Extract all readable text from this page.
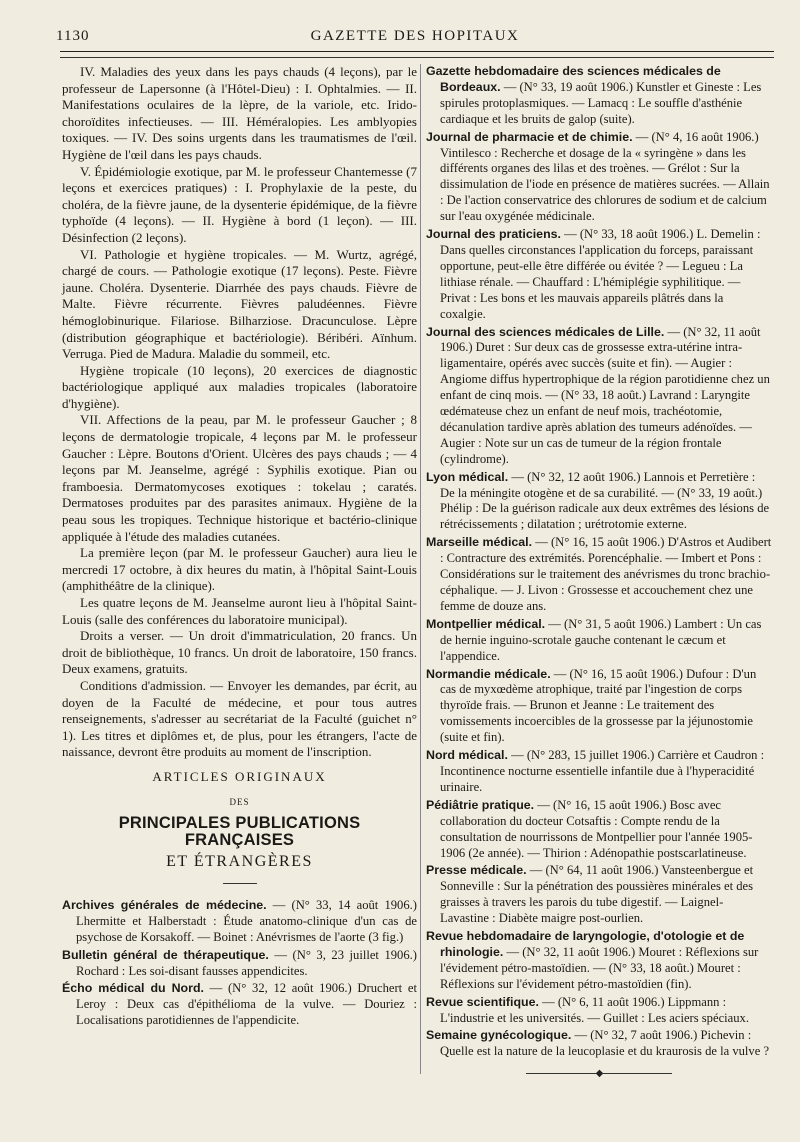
1130	GAZETTE DES HOPITAUX

IV. Maladies des yeux dans les pays chauds (4 leçons), par le professeur de Lapersonne (à l'Hôtel-Dieu) : I. Ophtalmies. — II. Manifestations oculaires de la lèpre, de la variole, etc. Irido-choroïdites infectieuses. — III. Héméralopies. Les amblyopies toxiques. — IV. Des soins urgents dans les traumatismes de l'œil. Hygiène de l'œil dans les pays chauds.

V. Épidémiologie exotique, par M. le professeur Chantemesse (7 leçons et exercices pratiques) : I. Prophylaxie de la peste, du choléra, de la fièvre jaune, de la dysenterie épidémique, de la fièvre typhoïde (4 leçons). — II. Hygiène à bord (1 leçon). — III. Désinfection (2 leçons).

VI. Pathologie et hygiène tropicales. — M. Wurtz, agrégé, chargé de cours. — Pathologie exotique (17 leçons). Peste. Fièvre jaune. Choléra. Dysenterie. Diarrhée des pays chauds. Fièvre de Malte. Fièvre récurrente. Fièvres paludéennes. Fièvre hémoglobinurique. Filariose. Bilharziose. Dracunculose. Lèpre (distribution géographique et bactériologie). Béribéri. Aïnhum. Verruga. Pied de Madura. Maladie du sommeil, etc.

Hygiène tropicale (10 leçons), 20 exercices de diagnostic bactériologique appliqué aux maladies tropicales (laboratoire d'hygiène).

VII. Affections de la peau, par M. le professeur Gaucher ; 8 leçons de dermatologie tropicale, 4 leçons par M. le professeur Gaucher : Lèpre. Boutons d'Orient. Ulcères des pays chauds ; — 4 leçons par M. Jeanselme, agrégé : Syphilis exotique. Pian ou framboesia. Dermatomycoses exotiques : tokelau ; caratés. Dermatoses produites par des parasites animaux. Hygiène de la peau sous les tropiques. Technique historique et bactério-clinique appliquée à l'étude des maladies cutanées.

La première leçon (par M. le professeur Gaucher) aura lieu le mercredi 17 octobre, à dix heures du matin, à l'hôpital Saint-Louis (amphithéâtre de la clinique).

Les quatre leçons de M. Jeanselme auront lieu à l'hôpital Saint-Louis (salle des conférences du laboratoire municipal).

Droits a verser. — Un droit d'immatriculation, 20 francs. Un droit de bibliothèque, 10 francs. Un droit de laboratoire, 150 francs. Deux examens, gratuits.

Conditions d'admission. — Envoyer les demandes, par écrit, au doyen de la Faculté de médecine, et pour tous autres renseignements, s'adresser au secrétariat de la Faculté (guichet n° 1). Les titres et diplômes et, de plus, pour les étrangers, l'acte de naissance, devront être produits au moment de l'inscription.

ARTICLES ORIGINAUX
DES
PRINCIPALES PUBLICATIONS FRANÇAISES
ET ÉTRANGÈRES

Archives générales de médecine. — (N° 33, 14 août 1906.) Lhermitte et Halberstadt : Étude anatomo-clinique d'un cas de psychose de Korsakoff. — Boinet : Anévrismes de l'aorte (3 fig.)

Bulletin général de thérapeutique. — (N° 3, 23 juillet 1906.) Rochard : Les soi-disant fausses appendicites.

Écho médical du Nord. — (N° 32, 12 août 1906.) Druchert et Leroy : Deux cas d'épithélioma de la vulve. — Douriez : Localisations parotidiennes de l'appendicite.

Gazette hebdomadaire des sciences médicales de Bordeaux. — (N° 33, 19 août 1906.) Kunstler et Gineste : Les spirules protoplasmiques. — Lamacq : Le souffle d'asthénie cardiaque et les bruits de galop (suite).

Journal de pharmacie et de chimie. — (N° 4, 16 août 1906.) Vintilesco : Recherche et dosage de la « syringène » dans les différents organes des lilas et des troènes. — Grélot : Sur la dissimulation de l'iode en présence de matières sucrées. — Allain : De l'action conservatrice des chlorures de sodium et de calcium sur l'eau oxygénée médicinale.

Journal des praticiens. — (N° 33, 18 août 1906.) L. Demelin : Dans quelles circonstances l'application du forceps, paraissant opportune, peut-elle être différée ou évitée ? — Legueu : La lithiase rénale. — Chauffard : L'hémiplégie syphilitique. — Privat : Les bons et les mauvais appareils plâtrés dans la coxalgie.

Journal des sciences médicales de Lille. — (N° 32, 11 août 1906.) Duret : Sur deux cas de grossesse extra-utérine intra-ligamentaire, opérés avec succès (suite et fin). — Augier : Angiome diffus hypertrophique de la région parotidienne chez un enfant de cinq mois. — (N° 33, 18 août.) Lavrand : Laryngite œdémateuse chez un enfant de neuf mois, trachéotomie, décanulation tardive après ablation des tumeurs adénoïdes. — Augier : Note sur un cas de tumeur de la région frontale (cylindrome).

Lyon médical. — (N° 32, 12 août 1906.) Lannois et Perretière : De la méningite otogène et de sa curabilité. — (N° 33, 19 août.) Phélip : De la guérison radicale aux deux extrêmes des lésions de rétrécissements ; dilatation ; urétrotomie externe.

Marseille médical. — (N° 16, 15 août 1906.) D'Astros et Audibert : Contracture des extrémités. Porencéphalie. — Imbert et Pons : Considérations sur le traitement des anévrismes du tronc brachio-céphalique. — J. Livon : Grossesse et accouchement chez une femme de douze ans.

Montpellier médical. — (N° 31, 5 août 1906.) Lambert : Un cas de hernie inguino-scrotale gauche contenant le cæcum et l'appendice.

Normandie médicale. — (N° 16, 15 août 1906.) Dufour : D'un cas de myxœdème atrophique, traité par l'ingestion de corps thyroïde frais. — Brunon et Jeanne : Le traitement des vomissements incoercibles de la grossesse par la jéjunostomie (suite et fin).

Nord médical. — (N° 283, 15 juillet 1906.) Carrière et Caudron : Incontinence nocturne essentielle infantile due à l'hyperacidité urinaire.

Pédiâtrie pratique. — (N° 16, 15 août 1906.) Bosc avec collaboration du docteur Cotsaftis : Compte rendu de la consultation de nourrissons de Montpellier pour l'année 1905-1906 (2e année). — Thirion : Adénopathie postscarlatineuse.

Presse médicale. — (N° 64, 11 août 1906.) Vansteenbergue et Sonneville : Sur la pénétration des poussières minérales et des graisses à travers les parois du tube digestif. — Laignel-Lavastine : Diabète maigre post-ourlien.

Revue hebdomadaire de laryngologie, d'otologie et de rhinologie. — (N° 32, 11 août 1906.) Mouret : Réflexions sur l'évidement pétro-mastoïdien. — (N° 33, 18 août.) Mouret : Réflexions sur l'évidement pétro-mastoïdien (fin).

Revue scientifique. — (N° 6, 11 août 1906.) Lippmann : L'industrie et les universités. — Guillet : Les aciers spéciaux.

Semaine gynécologique. — (N° 32, 7 août 1906.) Pichevin : Quelle est la nature de la leucoplasie et du kraurosis de la vulve ?

◆
